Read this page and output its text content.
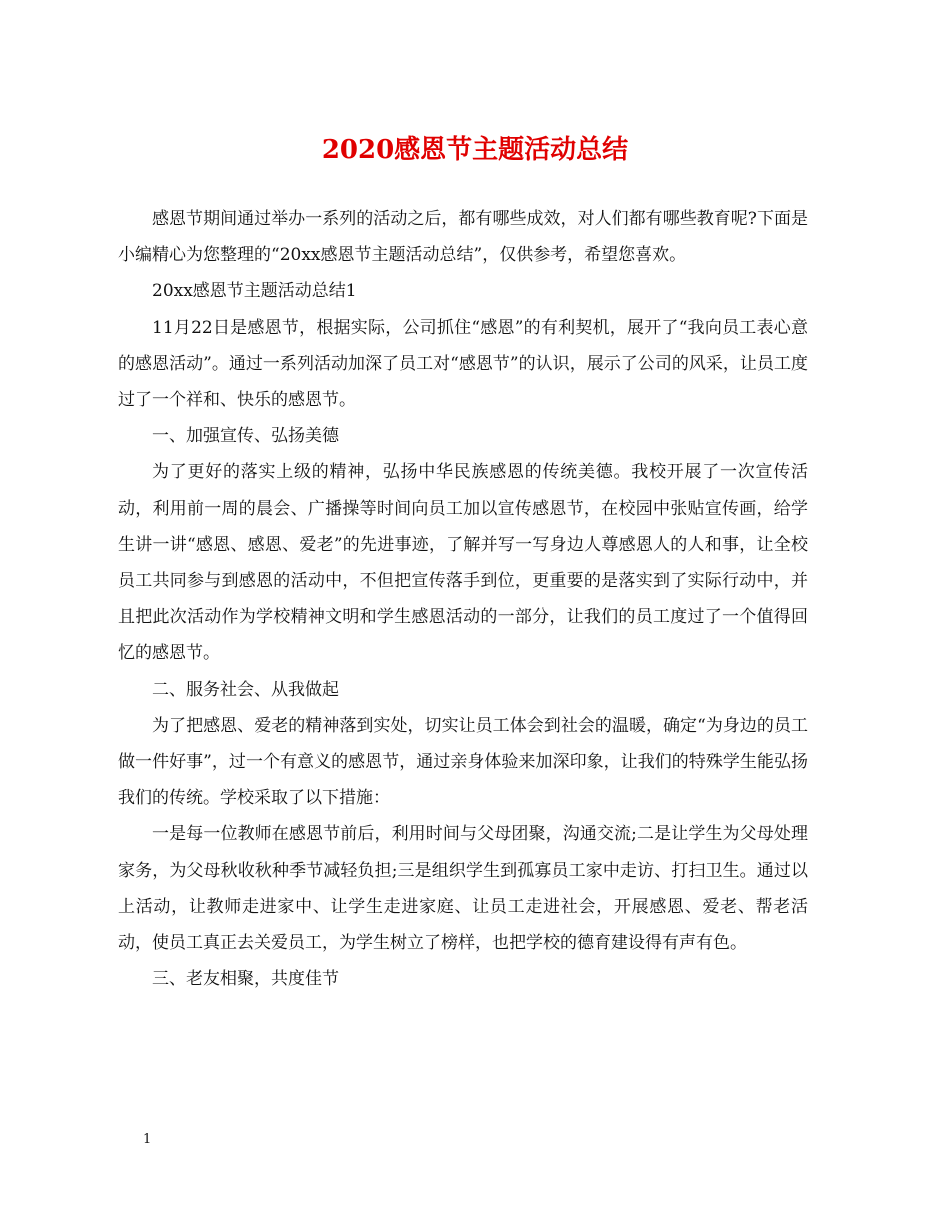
2020感恩节主题活动总结

感恩节期间通过举办一系列的活动之后，都有哪些成效，对人们都有哪些教育呢?下面是小编精心为您整理的“20xx感恩节主题活动总结”，仅供参考，希望您喜欢。

20xx感恩节主题活动总结1

11月22日是感恩节，根据实际，公司抓住“感恩”的有利契机，展开了“我向员工表心意的感恩活动”。通过一系列活动加深了员工对“感恩节”的认识，展示了公司的风采，让员工度过了一个祥和、快乐的感恩节。

一、加强宣传、弘扬美德

为了更好的落实上级的精神，弘扬中华民族感恩的传统美德。我校开展了一次宣传活动，利用前一周的晨会、广播操等时间向员工加以宣传感恩节，在校园中张贴宣传画，给学生讲一讲“感恩、感恩、爱老”的先进事迹，了解并写一写身边人尊感恩人的人和事，让全校员工共同参与到感恩的活动中，不但把宣传落手到位，更重要的是落实到了实际行动中，并且把此次活动作为学校精神文明和学生感恩活动的一部分，让我们的员工度过了一个值得回忆的感恩节。

二、服务社会、从我做起

为了把感恩、爱老的精神落到实处，切实让员工体会到社会的温暖，确定“为身边的员工做一件好事”，过一个有意义的感恩节，通过亲身体验来加深印象，让我们的特殊学生能弘扬我们的传统。学校采取了以下措施：

一是每一位教师在感恩节前后，利用时间与父母团聚，沟通交流;二是让学生为父母处理家务，为父母秋收秋种季节减轻负担;三是组织学生到孤寡员工家中走访、打扫卫生。通过以上活动，让教师走进家中、让学生走进家庭、让员工走进社会，开展感恩、爱老、帮老活动，使员工真正去关爱员工，为学生树立了榜样，也把学校的德育建设得有声有色。

三、老友相聚，共度佳节

1
